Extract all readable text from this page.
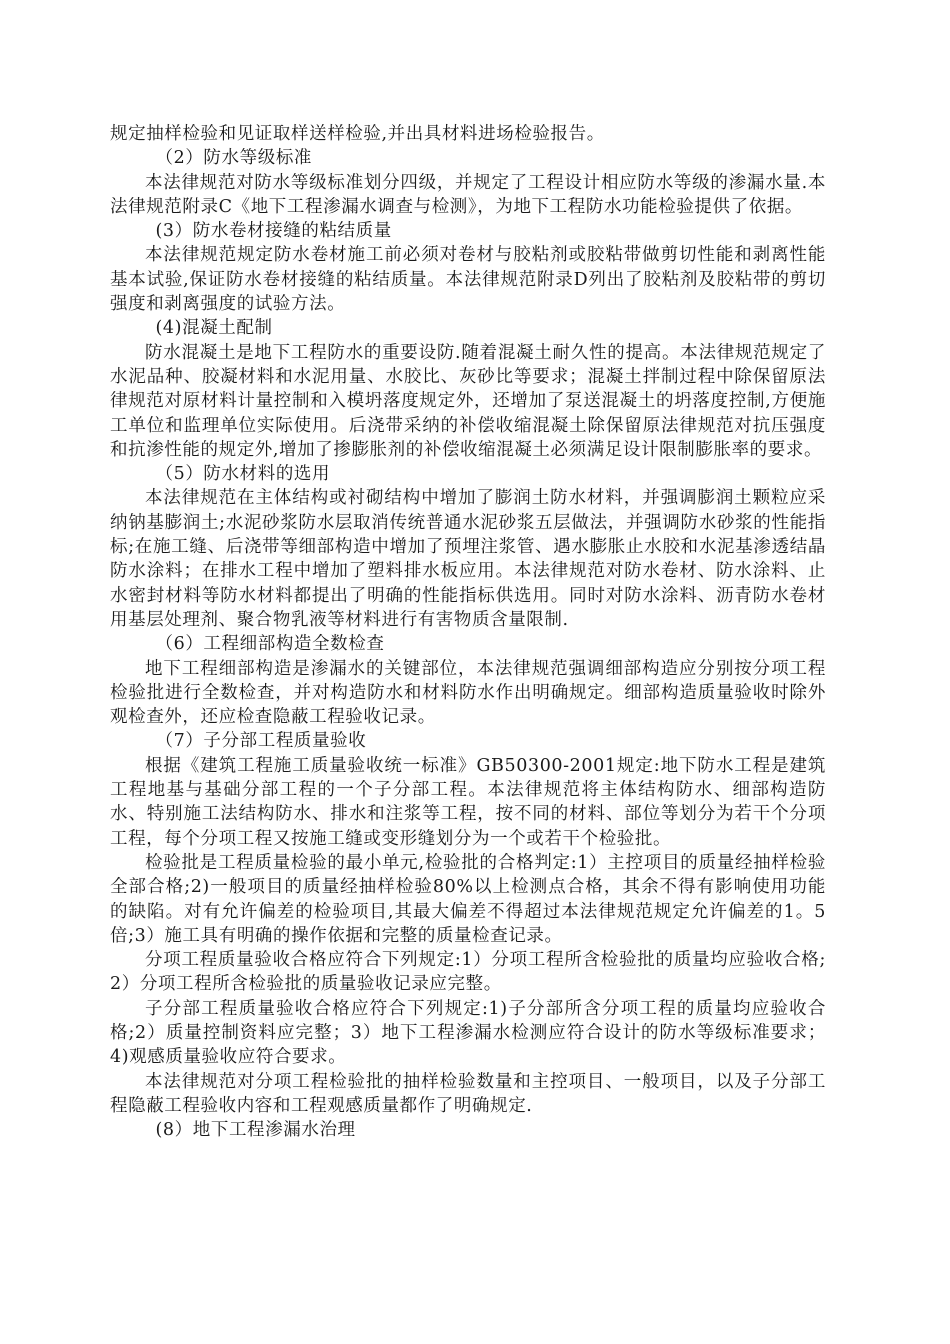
规定抽样检验和见证取样送样检验,并出具材料进场检验报告。

（2）防水等级标准

本法律规范对防水等级标准划分四级，并规定了工程设计相应防水等级的渗漏水量.本法律规范附录C《地下工程渗漏水调查与检测》，为地下工程防水功能检验提供了依据。

(3）防水卷材接缝的粘结质量

本法律规范规定防水卷材施工前必须对卷材与胶粘剂或胶粘带做剪切性能和剥离性能基本试验,保证防水卷材接缝的粘结质量。本法律规范附录D列出了胶粘剂及胶粘带的剪切强度和剥离强度的试验方法。

(4)混凝土配制

防水混凝土是地下工程防水的重要设防.随着混凝土耐久性的提高。本法律规范规定了水泥品种、胶凝材料和水泥用量、水胶比、灰砂比等要求；混凝土拌制过程中除保留原法律规范对原材料计量控制和入模坍落度规定外，还增加了泵送混凝土的坍落度控制,方便施工单位和监理单位实际使用。后浇带采纳的补偿收缩混凝土除保留原法律规范对抗压强度和抗渗性能的规定外,增加了掺膨胀剂的补偿收缩混凝土必须满足设计限制膨胀率的要求。

（5）防水材料的选用

本法律规范在主体结构或衬砌结构中增加了膨润土防水材料，并强调膨润土颗粒应采纳钠基膨润土;水泥砂浆防水层取消传统普通水泥砂浆五层做法，并强调防水砂浆的性能指标;在施工缝、后浇带等细部构造中增加了预埋注浆管、遇水膨胀止水胶和水泥基渗透结晶防水涂料；在排水工程中增加了塑料排水板应用。本法律规范对防水卷材、防水涂料、止水密封材料等防水材料都提出了明确的性能指标供选用。同时对防水涂料、沥青防水卷材用基层处理剂、聚合物乳液等材料进行有害物质含量限制.

（6）工程细部构造全数检查

地下工程细部构造是渗漏水的关键部位，本法律规范强调细部构造应分别按分项工程检验批进行全数检查，并对构造防水和材料防水作出明确规定。细部构造质量验收时除外观检查外，还应检查隐蔽工程验收记录。

（7）子分部工程质量验收

根据《建筑工程施工质量验收统一标准》GB50300-2001规定:地下防水工程是建筑工程地基与基础分部工程的一个子分部工程。本法律规范将主体结构防水、细部构造防水、特别施工法结构防水、排水和注浆等工程，按不同的材料、部位等划分为若干个分项工程，每个分项工程又按施工缝或变形缝划分为一个或若干个检验批。

检验批是工程质量检验的最小单元,检验批的合格判定:1）主控项目的质量经抽样检验全部合格;2)一般项目的质量经抽样检验80%以上检测点合格，其余不得有影响使用功能的缺陷。对有允许偏差的检验项目,其最大偏差不得超过本法律规范规定允许偏差的1。5倍;3）施工具有明确的操作依据和完整的质量检查记录。

分项工程质量验收合格应符合下列规定:1）分项工程所含检验批的质量均应验收合格;2）分项工程所含检验批的质量验收记录应完整。

子分部工程质量验收合格应符合下列规定:1)子分部所含分项工程的质量均应验收合格;2）质量控制资料应完整；3）地下工程渗漏水检测应符合设计的防水等级标准要求；4)观感质量验收应符合要求。

本法律规范对分项工程检验批的抽样检验数量和主控项目、一般项目，以及子分部工程隐蔽工程验收内容和工程观感质量都作了明确规定.

(8）地下工程渗漏水治理
